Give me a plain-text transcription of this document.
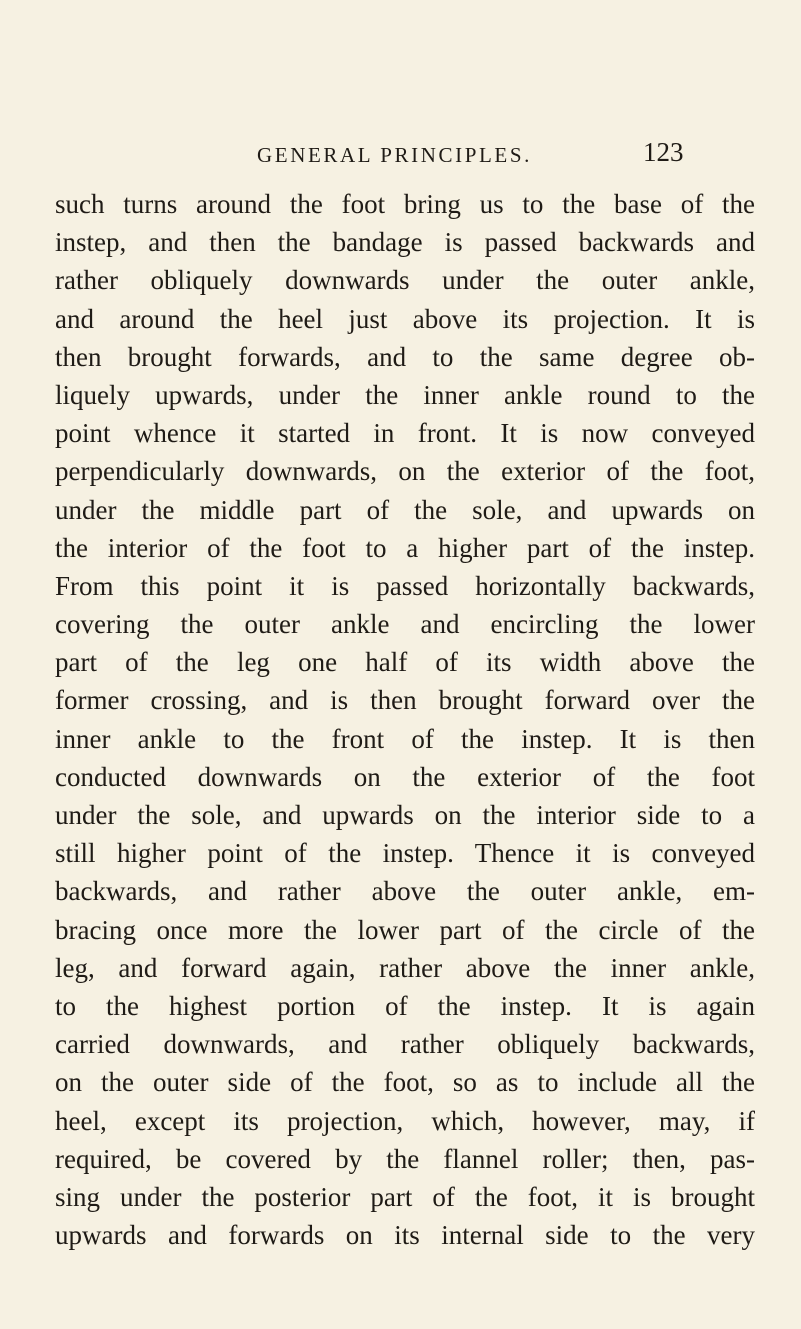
GENERAL PRINCIPLES.	123
such turns around the foot bring us to the base of the
instep, and then the bandage is passed backwards and
rather obliquely downwards under the outer ankle,
and around the heel just above its projection. It is
then brought forwards, and to the same degree ob-
liquely upwards, under the inner ankle round to the
point whence it started in front. It is now conveyed
perpendicularly downwards, on the exterior of the foot,
under the middle part of the sole, and upwards on
the interior of the foot to a higher part of the instep.
From this point it is passed horizontally backwards,
covering the outer ankle and encircling the lower
part of the leg one half of its width above the
former crossing, and is then brought forward over the
inner ankle to the front of the instep. It is then
conducted downwards on the exterior of the foot
under the sole, and upwards on the interior side to a
still higher point of the instep. Thence it is conveyed
backwards, and rather above the outer ankle, em-
bracing once more the lower part of the circle of the
leg, and forward again, rather above the inner ankle,
to the highest portion of the instep. It is again
carried downwards, and rather obliquely backwards,
on the outer side of the foot, so as to include all the
heel, except its projection, which, however, may, if
required, be covered by the flannel roller; then, pas-
sing under the posterior part of the foot, it is brought
upwards and forwards on its internal side to the very
